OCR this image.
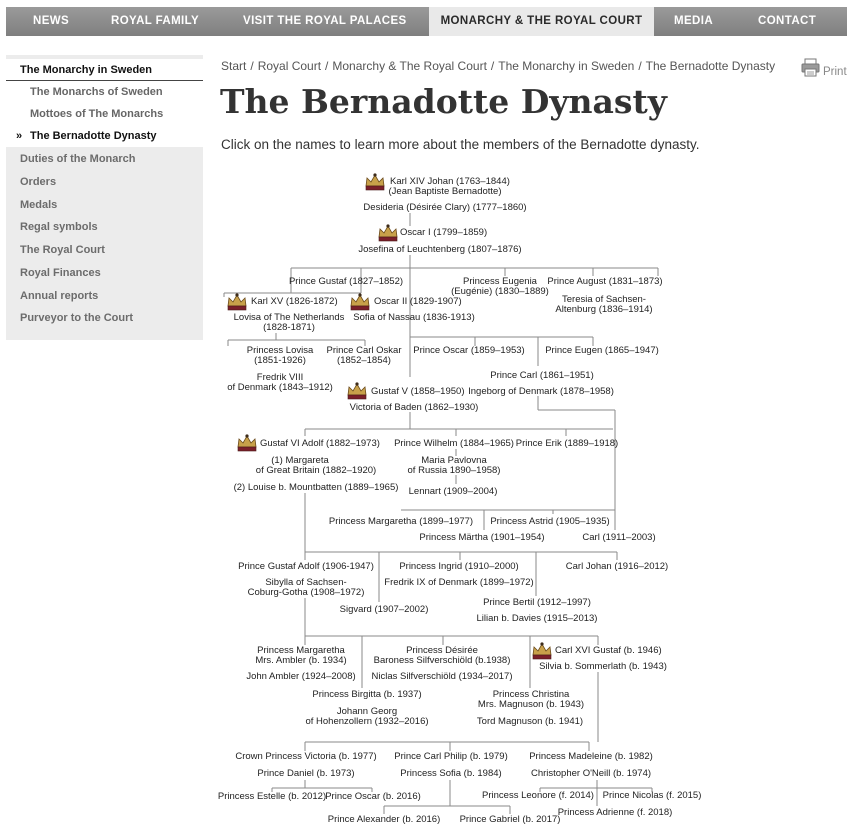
NEWS	ROYAL FAMILY	VISIT THE ROYAL PALACES	MONARCHY & THE ROYAL COURT	MEDIA	CONTACT
The Monarchy in Sweden
The Monarchs of Sweden
Mottoes of The Monarchs
» The Bernadotte Dynasty
Duties of the Monarch
Orders
Medals
Regal symbols
The Royal Court
Royal Finances
Annual reports
Purveyor to the Court
Start / Royal Court / Monarchy & The Royal Court / The Monarchy in Sweden / The Bernadotte Dynasty	Print
The Bernadotte Dynasty

Click on the names to learn more about the members of the Bernadotte dynasty.

Karl XIV Johan (1763–1844)
(Jean Baptiste Bernadotte)
Desideria (Désirée Clary) (1777–1860)
Oscar I (1799–1859)
Josefina of Leuchtenberg (1807–1876)
Prince Gustaf (1827–1852)	Princess Eugenia
(Eugénie) (1830–1889)
Prince August (1831–1873)
Karl XV (1826-1872)
Lovisa of The Netherlands
(1828-1871)
Oscar II (1829-1907)
Sofia of Nassau (1836-1913)
Teresia of Sachsen-
Altenburg (1836–1914)
Princess Lovisa
(1851-1926)
Prince Carl Oskar
(1852–1854)
Prince Oscar (1859–1953) Prince Eugen (1865–1947)
Fredrik VIII
of Denmark (1843–1912)
Prince Carl (1861–1951)
Gustaf V (1858–1950) Ingeborg of Denmark (1878–1958)
Victoria of Baden (1862–1930)
Gustaf VI Adolf (1882–1973) Prince Wilhelm (1884–1965) Prince Erik (1889–1918)
(1) Margareta
of Great Britain (1882–1920)
Maria Pavlovna
of Russia 1890–1958)
(2) Louise b. Mountbatten (1889–1965) Lennart (1909–2004)
Princess Margaretha (1899–1977) Princess Astrid (1905–1935)
Princess Märtha (1901–1954)	Carl (1911–2003)
Prince Gustaf Adolf (1906-1947)	Princess Ingrid (1910–2000)	Carl Johan (1916–2012)
Sibylla of Sachsen-
Coburg-Gotha (1908–1972)
Fredrik IX of Denmark (1899–1972)
Sigvard (1907–2002)
Prince Bertil (1912–1997)
Lilian b. Davies (1915–2013)
Princess Margaretha
Mrs. Ambler (b. 1934)
Princess Désirée
Baroness Silfverschiöld (b.1938)
Carl XVI Gustaf (b. 1946)
Silvia b. Sommerlath (b. 1943)
John Ambler (1924–2008) Niclas Silfverschiöld (1934–2017)
Princess Birgitta (b. 1937)	Princess Christina
Mrs. Magnuson (b. 1943)
Johann Georg
of Hohenzollern (1932–2016)	Tord Magnuson (b. 1941)
Crown Princess Victoria (b. 1977) Prince Carl Philip (b. 1979) Princess Madeleine (b. 1982)
Prince Daniel (b. 1973)	Princess Sofia (b. 1984)	Christopher O'Neill (b. 1974)
Princess Estelle (b. 2012) Prince Oscar (b. 2016)	Princess Leonore (f. 2014) Prince Nicolas (f. 2015)
Princess Adrienne (f. 2018)
Prince Alexander (b. 2016) Prince Gabriel (b. 2017)
